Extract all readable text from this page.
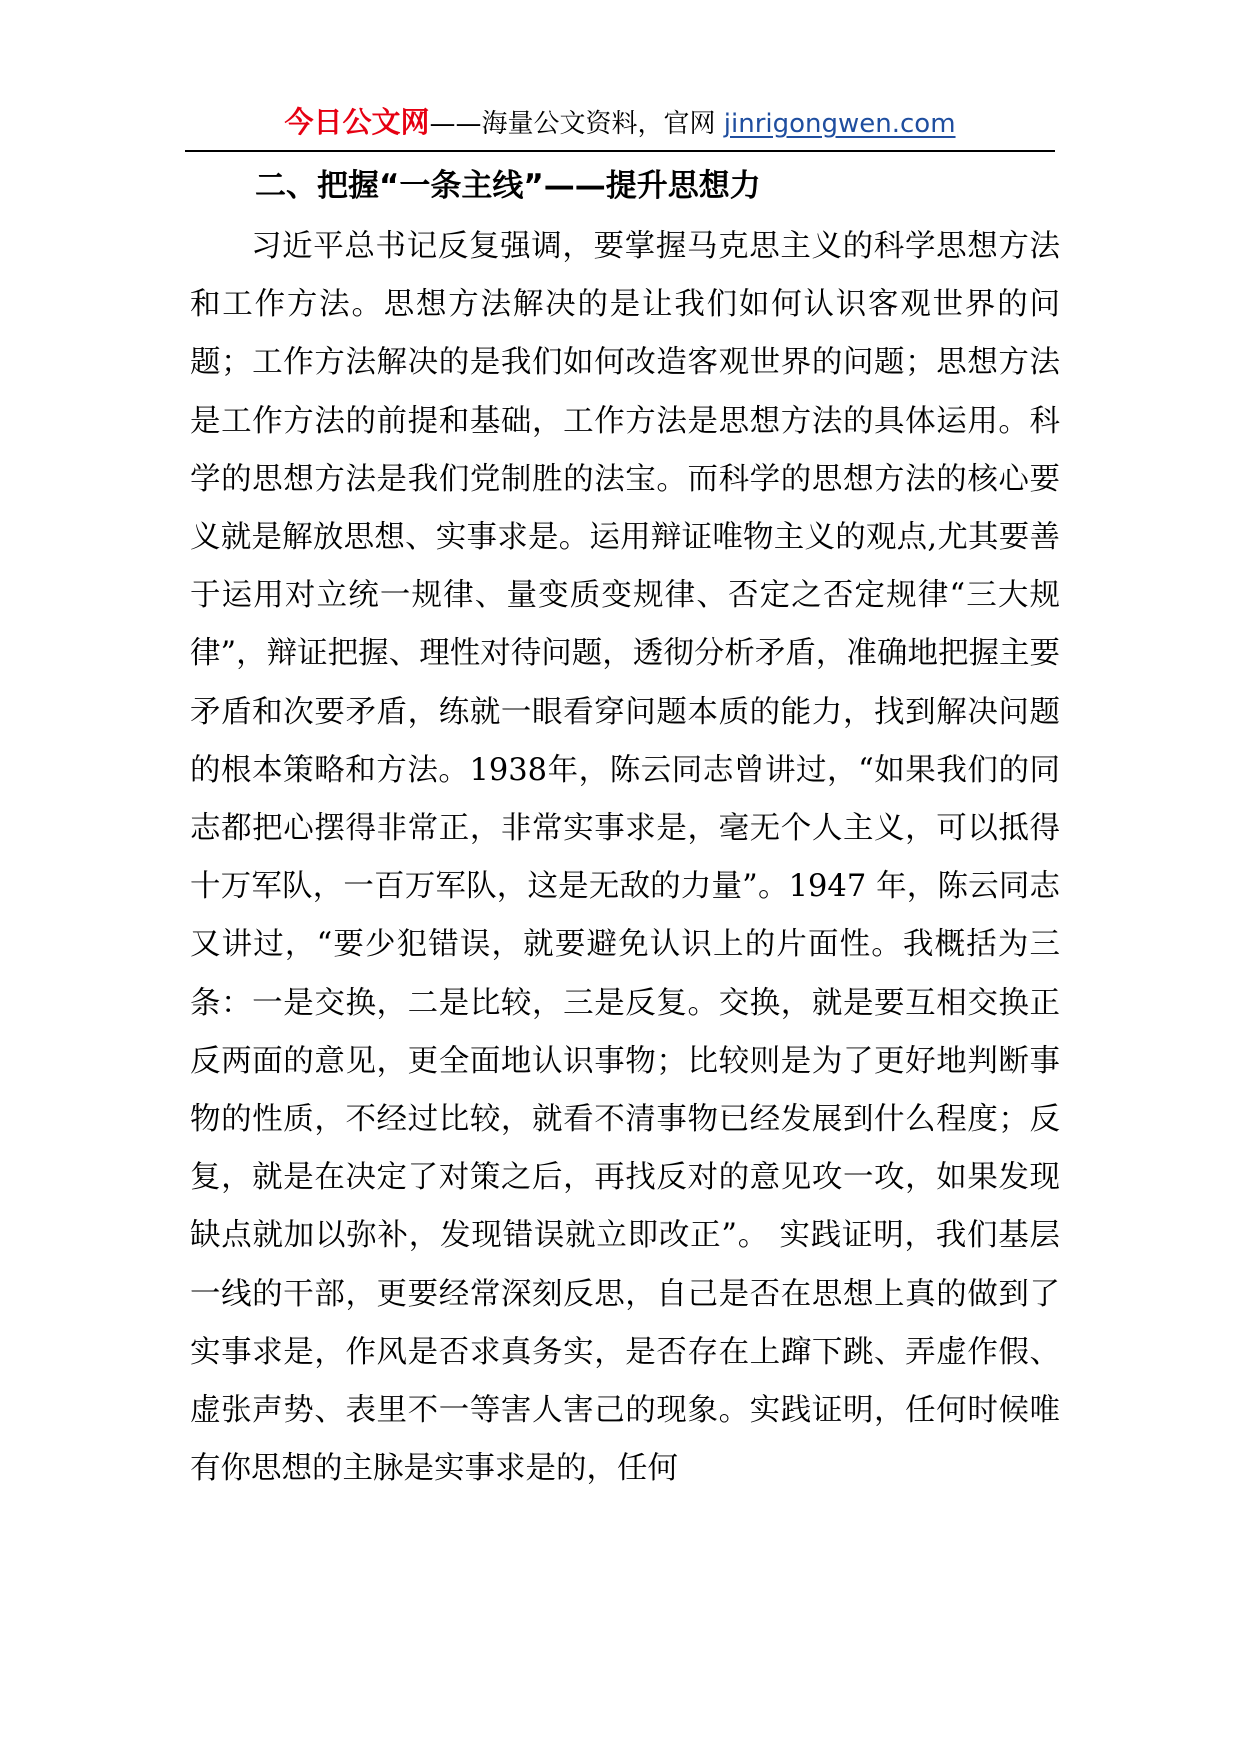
今日公文网——海量公文资料，官网 jinrigongwen.com
二、把握“一条主线”——提升思想力
习近平总书记反复强调，要掌握马克思主义的科学思想方法和工作方法。思想方法解决的是让我们如何认识客观世界的问题；工作方法解决的是我们如何改造客观世界的问题；思想方法是工作方法的前提和基础，工作方法是思想方法的具体运用。科学的思想方法是我们党制胜的法宝。而科学的思想方法的核心要义就是解放思想、实事求是。运用辩证唯物主义的观点,尤其要善于运用对立统一规律、量变质变规律、否定之否定规律“三大规律”，辩证把握、理性对待问题，透彻分析矛盾，准确地把握主要矛盾和次要矛盾，练就一眼看穿问题本质的能力，找到解决问题的根本策略和方法。1938年，陈云同志曾讲过，“如果我们的同志都把心摆得非常正，非常实事求是，毫无个人主义，可以抵得十万军队，一百万军队，这是无敌的力量”。1947 年，陈云同志又讲过，“要少犯错误，就要避免认识上的片面性。我概括为三条：一是交换，二是比较，三是反复。交换，就是要互相交换正反两面的意见，更全面地认识事物；比较则是为了更好地判断事物的性质，不经过比较，就看不清事物已经发展到什么程度；反复，就是在决定了对策之后，再找反对的意见攻一攻，如果发现缺点就加以弥补，发现错误就立即改正”。 实践证明，我们基层一线的干部，更要经常深刻反思，自己是否在思想上真的做到了实事求是，作风是否求真务实，是否存在上蹿下跳、弄虚作假、虚张声势、表里不一等害人害己的现象。实践证明，任何时候唯有你思想的主脉是实事求是的，任何
